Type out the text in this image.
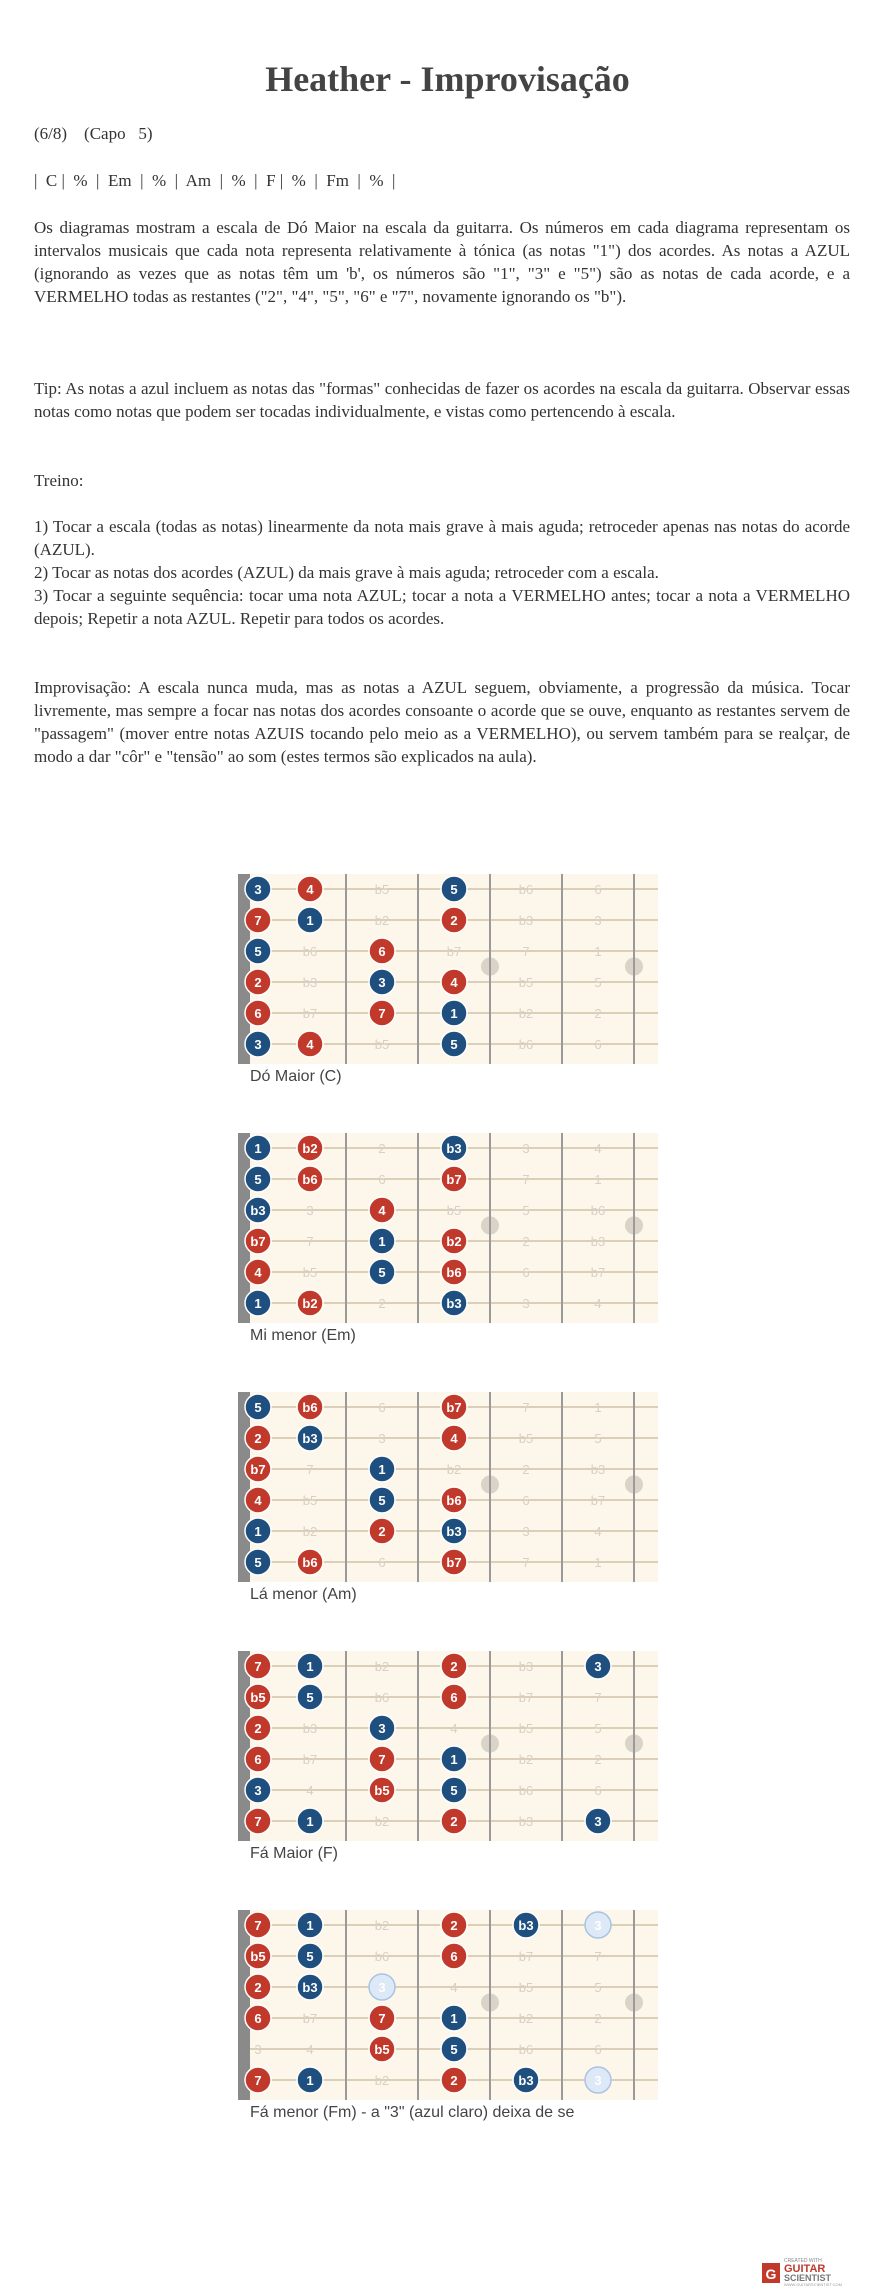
Heather - Improvisação
(6/8)    (Capo   5)
|  C |  %  |  Em  |  %  |  Am  |  %  |  F |  %  |  Fm  |  %  |
Os diagramas mostram a escala de Dó Maior na escala da guitarra. Os números em cada diagrama representam os intervalos musicais que cada nota representa relativamente à tónica (as notas "1") dos acordes. As notas a AZUL (ignorando as vezes que as notas têm um 'b', os números são "1", "3" e "5") são as notas de cada acorde, e a VERMELHO todas as restantes ("2", "4", "5", "6" e "7", novamente ignorando os "b").
Tip: As notas a azul incluem as notas das "formas" conhecidas de fazer os acordes na escala da guitarra. Observar essas notas como notas que podem ser tocadas individualmente, e vistas como pertencendo à escala.
Treino:
1) Tocar a escala (todas as notas) linearmente da nota mais grave à mais aguda; retroceder apenas nas notas do acorde (AZUL).
2) Tocar as notas dos acordes (AZUL) da mais grave à mais aguda; retroceder com a escala.
3) Tocar a seguinte sequência: tocar uma nota AZUL; tocar a nota a VERMELHO antes; tocar a nota a VERMELHO depois; Repetir a nota AZUL. Repetir para todos os acordes.
Improvisação: A escala nunca muda, mas as notas a AZUL seguem, obviamente, a progressão da música. Tocar livremente, mas sempre a focar nas notas dos acordes consoante o acorde que se ouve, enquanto as restantes servem de "passagem" (mover entre notas AZUIS tocando pelo meio as a VERMELHO), ou servem também para se realçar, de modo a dar "côr" e "tensão" ao som (estes termos são explicados na aula).
3	4	b5	5	b6	6
7	1	b2	2	b3	3
5	b6	6	b7	7	1
2	b3	3	4	b5	5
6	b7	7	1	b2	2
3	4	b5	5	b6	6
Dó Maior (C)
1	b2	2	b3	3	4
5	b6	6	b7	7	1
b3	3	4	b5	5	b6
b7	7	1	b2	2	b3
4	b5	5	b6	6	b7
1	b2	2	b3	3	4
Mi menor (Em)
5	b6	6	b7	7	1
2	b3	3	4	b5	5
b7	7	1	b2	2	b3
4	b5	5	b6	6	b7
1	b2	2	b3	3	4
5	b6	6	b7	7	1
Lá menor (Am)
7	1	b2	2	b3	3
b5	5	b6	6	b7	7
2	b3	3	4	b5	5
6	b7	7	1	b2	2
3	4	b5	5	b6	6
7	1	b2	2	b3	3
Fá Maior (F)
7	1	b2	2	b3	3
b5	5	b6	6	b7	7
2	b3	3	4	b5	5
6	b7	7	1	b2	2
3	4	b5	5	b6	6
7	1	b2	2	b3	3
Fá menor (Fm) - a "3" (azul claro) deixa de se
G
CREATED WITH
GUITAR
SCIENTIST
WWW.GUITARSCIENTIST.COM
